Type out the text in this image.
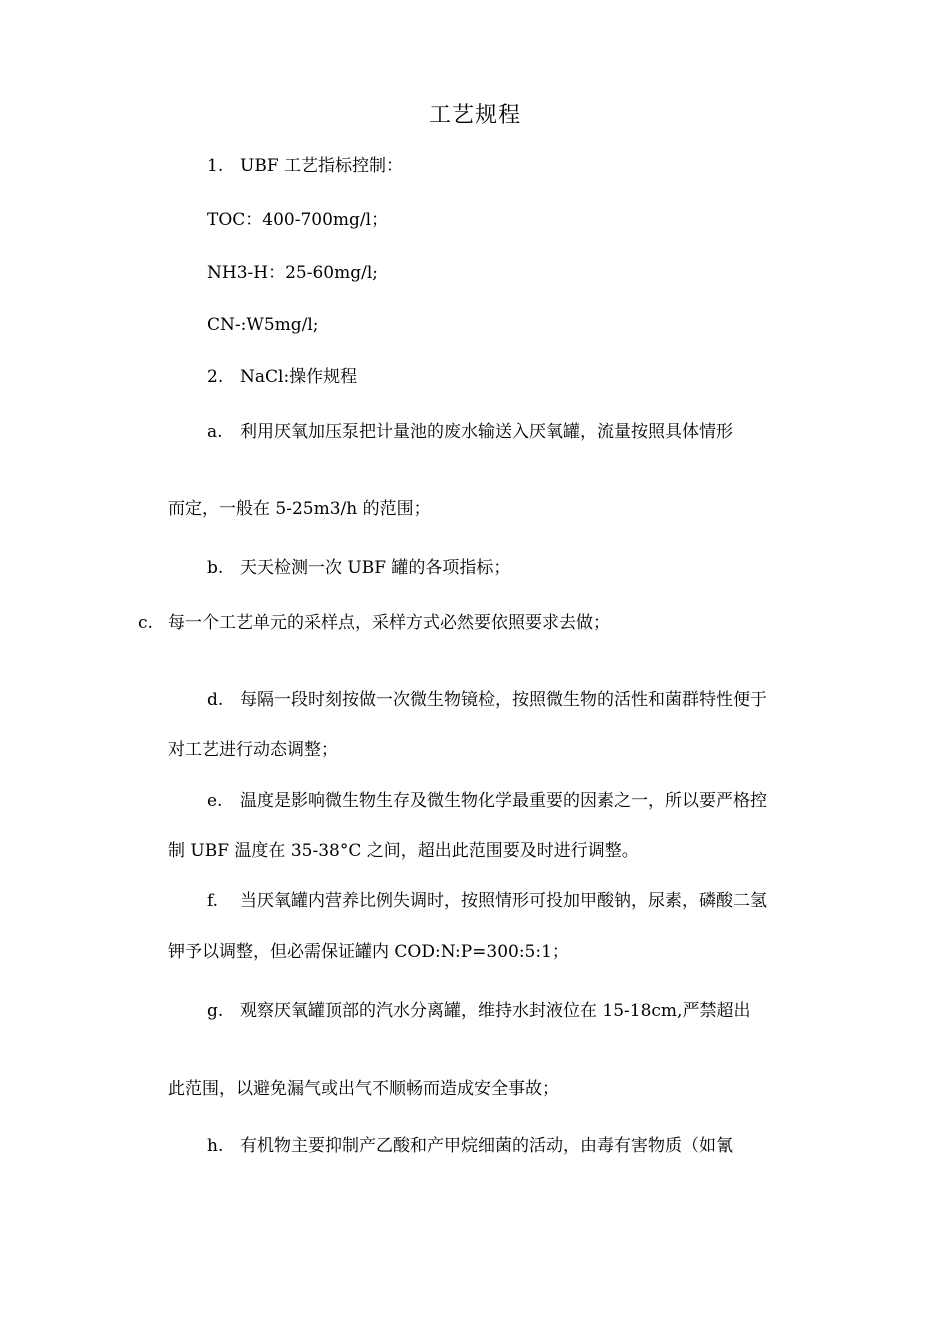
工艺规程
1. UBF 工艺指标控制：
TOC：400-700mg/l；
NH3-H：25-60mg/l;
CN-:W5mg/l;
2. NaCl:操作规程
a. 利用厌氧加压泵把计量池的废水输送入厌氧罐，流量按照具体情形
而定，一般在 5-25m3/h 的范围；
b. 天天检测一次 UBF 罐的各项指标；
c. 每一个工艺单元的采样点，采样方式必然要依照要求去做；
d. 每隔一段时刻按做一次微生物镜检，按照微生物的活性和菌群特性便于
对工艺进行动态调整；
e. 温度是影响微生物生存及微生物化学最重要的因素之一，所以要严格控
制 UBF 温度在 35-38°C 之间，超出此范围要及时进行调整。
f. 当厌氧罐内营养比例失调时，按照情形可投加甲酸钠，尿素，磷酸二氢
钾予以调整，但必需保证罐内 COD:N:P=300:5:1；
g. 观察厌氧罐顶部的汽水分离罐，维持水封液位在 15-18cm,严禁超出
此范围，以避免漏气或出气不顺畅而造成安全事故；
h. 有机物主要抑制产乙酸和产甲烷细菌的活动，由毒有害物质（如氰
